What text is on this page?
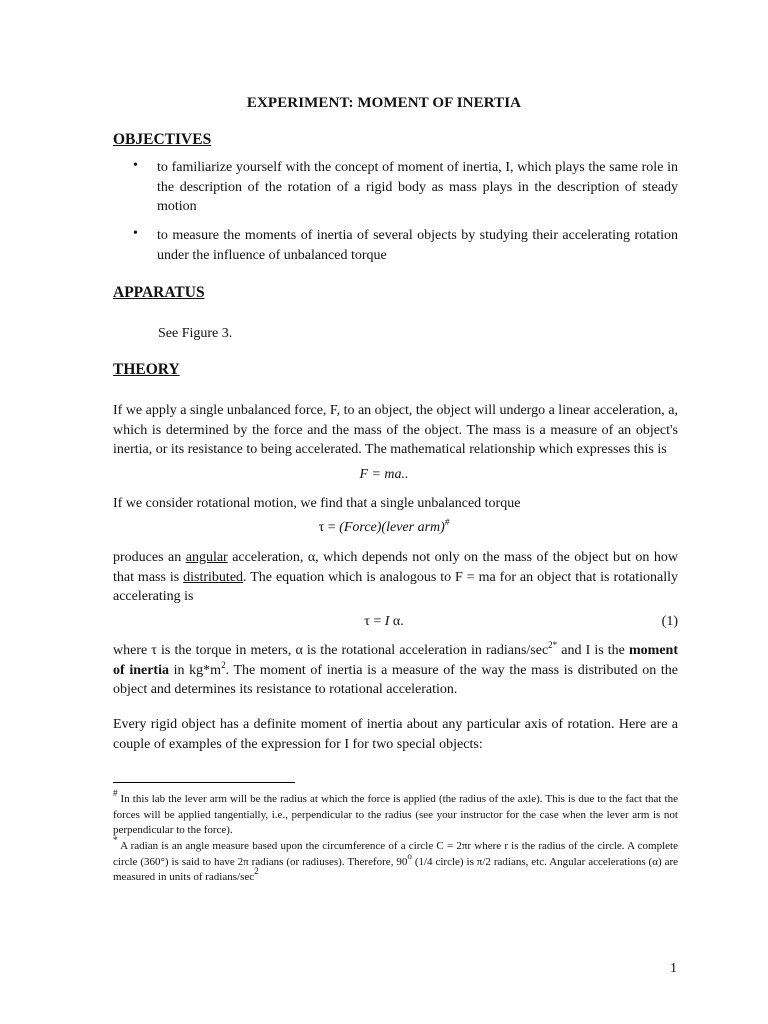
EXPERIMENT: MOMENT OF INERTIA
OBJECTIVES
• to familiarize yourself with the concept of moment of inertia, I, which plays the same role in the description of the rotation of a rigid body as mass plays in the description of steady motion
• to measure the moments of inertia of several objects by studying their accelerating rotation under the influence of unbalanced torque
APPARATUS
See Figure 3.
THEORY
If we apply a single unbalanced force, F, to an object, the object will undergo a linear acceleration, a, which is determined by the force and the mass of the object. The mass is a measure of an object's inertia, or its resistance to being accelerated. The mathematical relationship which expresses this is
F = ma..
If we consider rotational motion, we find that a single unbalanced torque
τ = (Force)(lever arm)#
produces an angular acceleration, α, which depends not only on the mass of the object but on how that mass is distributed. The equation which is analogous to F = ma for an object that is rotationally accelerating is
τ = I α.	(1)
where τ is the torque in meters, α is the rotational acceleration in radians/$\sec^{2*}$ and I is the moment of inertia in $kg*m^2$. The moment of inertia is a measure of the way the mass is distributed on the object and determines its resistance to rotational acceleration.
Every rigid object has a definite moment of inertia about any particular axis of rotation. Here are a couple of examples of the expression for I for two special objects:
# In this lab the lever arm will be the radius at which the force is applied (the radius of the axle). This is due to the fact that the forces will be applied tangentially, i.e., perpendicular to the radius (see your instructor for the case when the lever arm is not perpendicular to the force).
* A radian is an angle measure based upon the circumference of a circle C = 2πr where r is the radius of the circle. A complete circle (360°) is said to have 2π radians (or radiuses). Therefore, 90$^o$ (1/4 circle) is π/2 radians, etc. Angular accelerations (α) are measured in units of radians/$\sec^2$
1
